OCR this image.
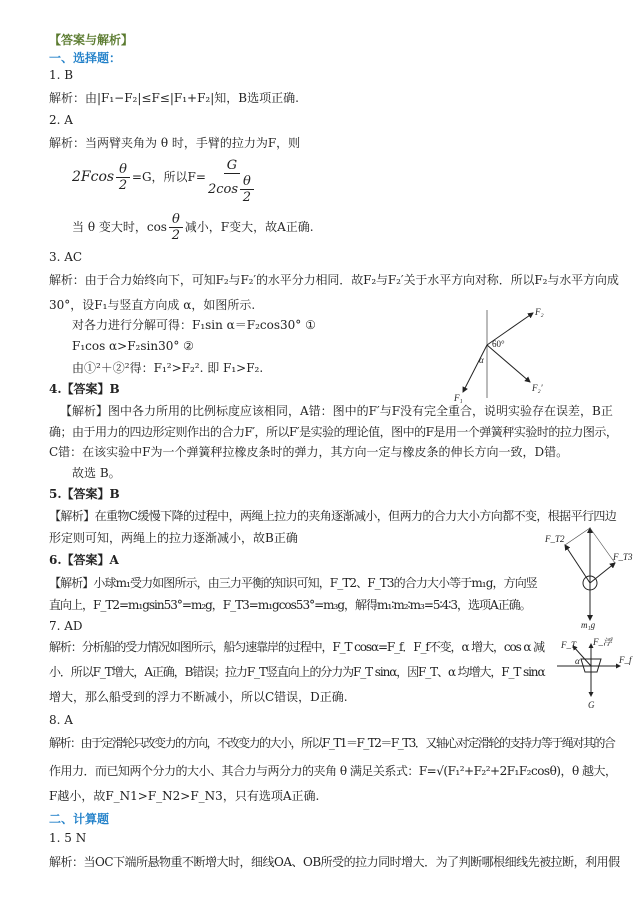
【答案与解析】
一、选择题：
1. B
解析：由|F₁−F₂|≤F≤|F₁+F₂|知，B选项正确.
2. A
解析：当两臂夹角为 θ 时，手臂的拉力为F，则
$2Fcos \frac{\theta}{2} =G$，所以$F= \frac{G}{2\cos \frac{\theta}{2}}$
当 θ 变大时，$\cos \frac{\theta}{2}$ 减小，F变大，故A正确.
3. AC
解析：由于合力始终向下，可知F₂与F₂′的水平分力相同．故F₂与F₂′关于水平方向对称．所以F₂与水平方向成
30°，设F₁与竖直方向成 α，如图所示.
对各力进行分解可得：F₁sin α＝F₂cos30° ①
F₁cos α>F₂sin30° ②
由①²＋②²得：F₁²>F₂². 即 F₁>F₂.
F₂
F₂′
F₁
60°
α
4.【答案】B
【解析】图中各力所用的比例标度应该相同，A错：图中的F′与F没有完全重合，说明实验存在误差，B正
确；由于用力的四边形定则作出的合力F′，所以F′是实验的理论值，图中的F是用一个弹簧秤实验时的拉力图示，
C错：在该实验中F为一个弹簧秤拉橡皮条时的弹力，其方向一定与橡皮条的伸长方向一致，D错。
故选 B。
5.【答案】B
【解析】在重物C缓慢下降的过程中，两绳上拉力的夹角逐渐减小，但两力的合力大小方向都不变，根据平行四边
形定则可知，两绳上的拉力逐渐减小，故B正确
6.【答案】A
【解析】小球m₁受力如图所示，由三力平衡的知识可知，F_T2、F_T3的合力大小等于m₁g，方向竖
直向上，F_T2=m₁gsin53°=m₂g，F_T3=m₁gcos53°=m₃g，解得m₁∶m₂∶m₃=5∶4∶3，选项A正确。
F_T2
F_T3
m₁g
7. AD
解析：分析船的受力情况如图所示，船匀速靠岸的过程中，F_T cosα=F_f．F_f不变，α 增大，cos α 减
小．所以F_T增大，A正确，B错误；拉力F_T竖直向上的分力为F_T sinα，因F_T、α 均增大，F_T sinα
增大，那么船受到的浮力不断减小，所以C错误，D正确.
F_T F_浮
F_f
G
α
8. A
解析：由于定滑轮只改变力的方向，不改变力的大小，所以F_T1＝F_T2＝F_T3．又轴心对定滑轮的支持力等于绳对其的合
作用力．而已知两个分力的大小、其合力与两分力的夹角 θ 满足关系式：F=√(F₁²+F₂²+2F₁F₂cosθ)，θ 越大，
F越小，故F_N1>F_N2>F_N3，只有选项A正确.
二、计算题
1. 5 N
解析：当OC下端所悬物重不断增大时，细线OA、OB所受的拉力同时增大．为了判断哪根细线先被拉断，利用假
